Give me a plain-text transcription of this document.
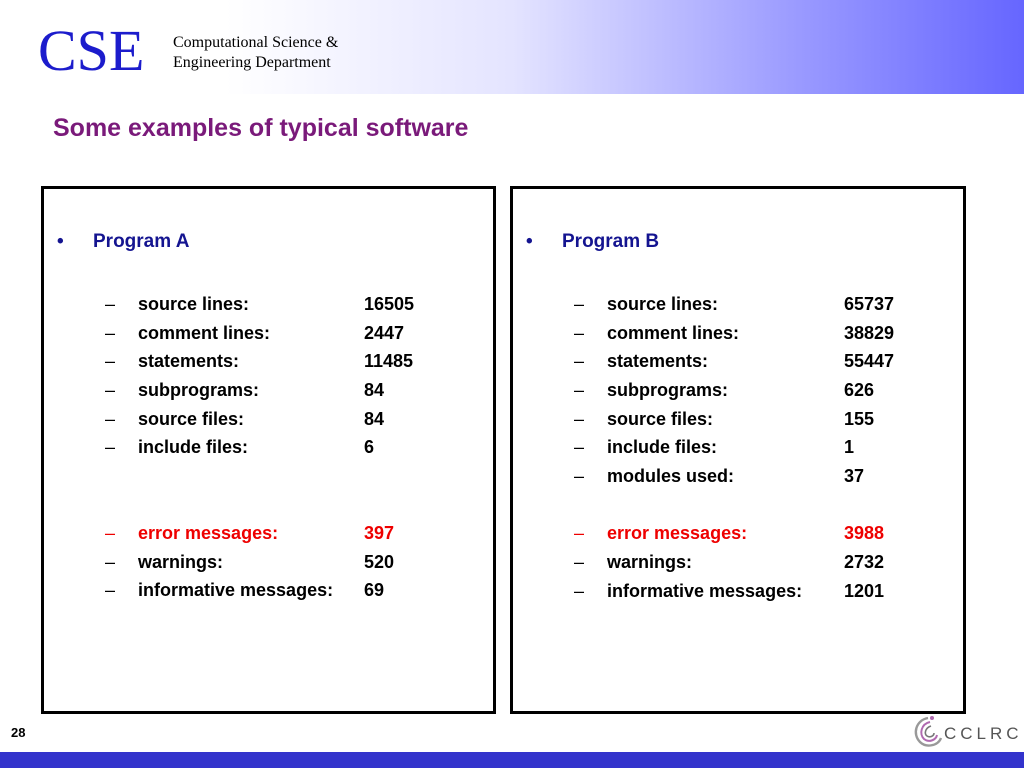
CSE Computational Science &
Engineering Department
Some examples of typical software
• Program A
–	source lines:	16505
–	comment lines:	2447
–	statements:	11485
–	subprograms:	84
–	source files:	84
–	include files:	6
–	error messages:	397
–	warnings:	520
–	informative messages:	69
• Program B
–	source lines:	65737
–	comment lines:	38829
–	statements:	55447
–	subprograms:	626
–	source files:	155
–	include files:	1
–	modules used:	37
–	error messages:	3988
–	warnings:	2732
–	informative messages:	1201
28	CCLRC
